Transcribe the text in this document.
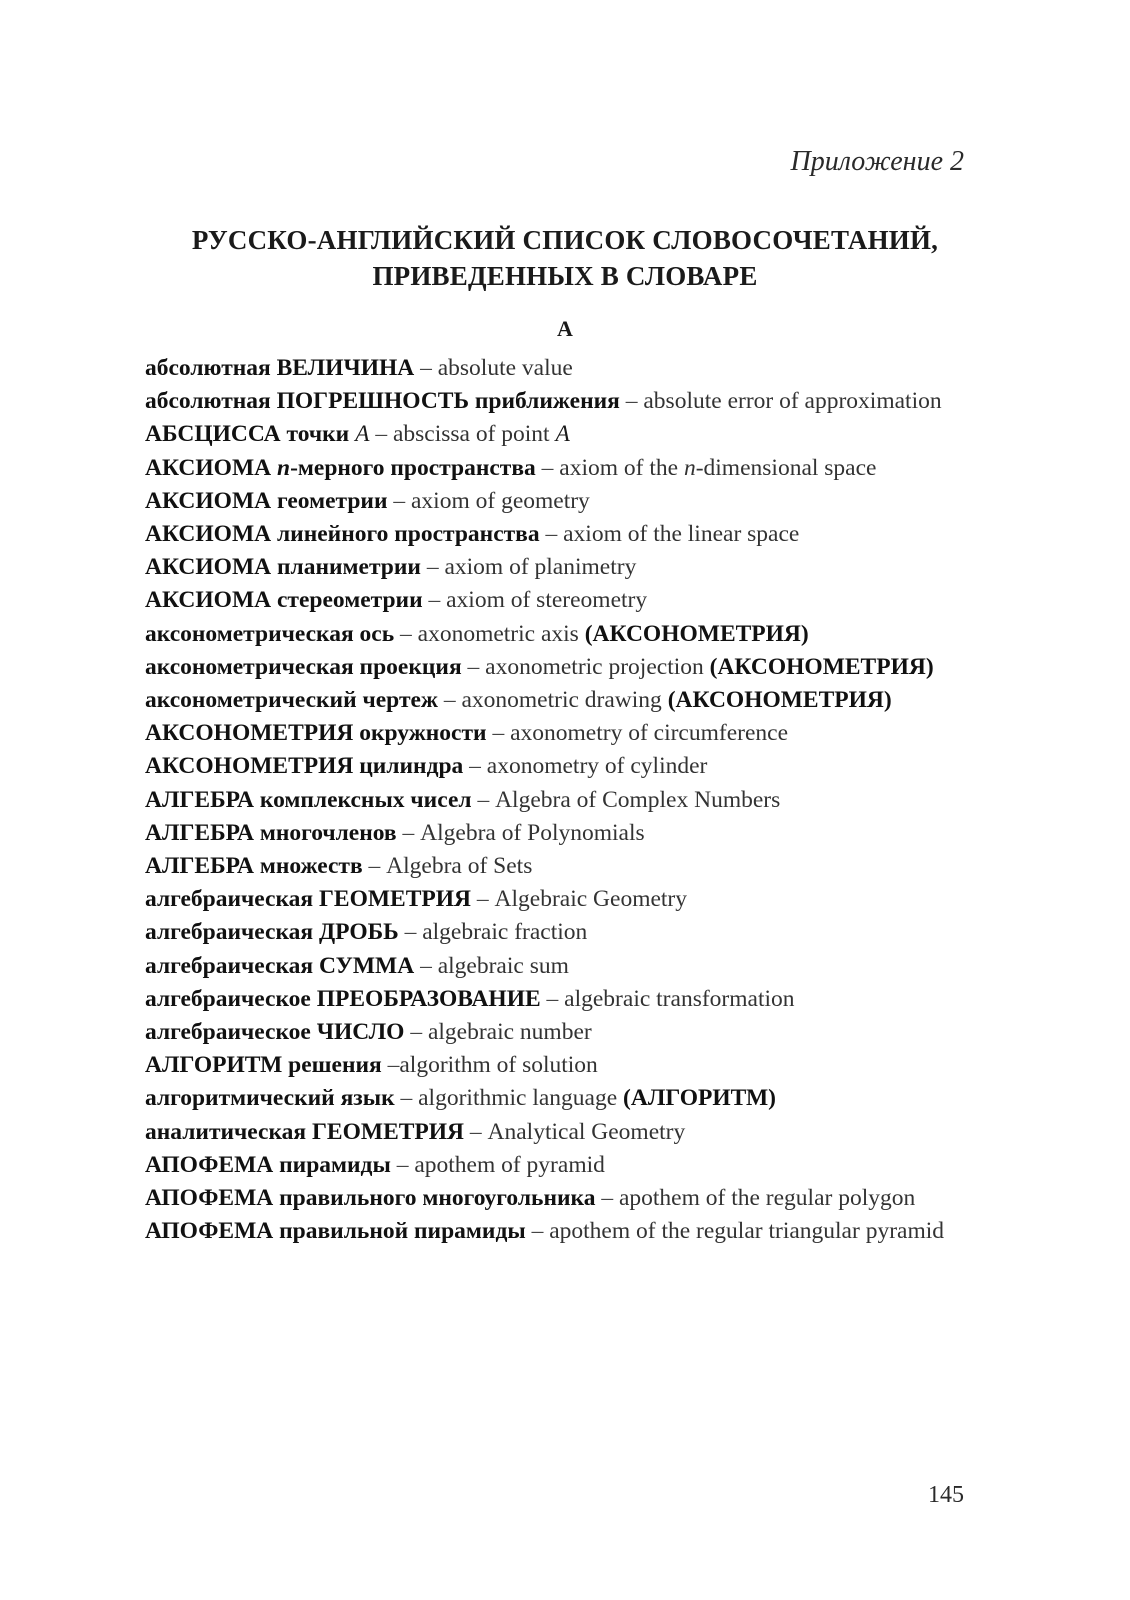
Приложение 2
РУССКО-АНГЛИЙСКИЙ СПИСОК СЛОВОСОЧЕТАНИЙ,
ПРИВЕДЕННЫХ В СЛОВАРЕ
А

абсолютная ВЕЛИЧИНА – absolute value

абсолютная ПОГРЕШНОСТЬ приближения – absolute error of approximation

АБСЦИССА точки A – abscissa of point A

АКСИОМА n-мерного пространства – axiom of the n-dimensional space

АКСИОМА геометрии – axiom of geometry

АКСИОМА линейного пространства – axiom of the linear space

АКСИОМА планиметрии – axiom of planimetry

АКСИОМА стереометрии – axiom of stereometry

аксонометрическая ось – axonometric axis (АКСОНОМЕТРИЯ)

аксонометрическая проекция – axonometric projection (АКСОНОМЕТРИЯ)

аксонометрический чертеж – axonometric drawing (АКСОНОМЕТРИЯ)

АКСОНОМЕТРИЯ окружности – axonometry of circumference

АКСОНОМЕТРИЯ цилиндра – axonometry of cylinder

АЛГЕБРА комплексных чисел – Algebra of Complex Numbers

АЛГЕБРА многочленов – Algebra of Polynomials

АЛГЕБРА множеств – Algebra of Sets

алгебраическая ГЕОМЕТРИЯ – Algebraic Geometry

алгебраическая ДРОБЬ – algebraic fraction

алгебраическая СУММА – algebraic sum

алгебраическое ПРЕОБРАЗОВАНИЕ – algebraic transformation

алгебраическое ЧИСЛО – algebraic number

АЛГОРИТМ решения –algorithm of solution

алгоритмический язык – algorithmic language (АЛГОРИТМ)

аналитическая ГЕОМЕТРИЯ – Analytical Geometry

АПОФЕМА пирамиды – apothem of pyramid

АПОФЕМА правильного многоугольника – apothem of the regular polygon

АПОФЕМА правильной пирамиды – apothem of the regular triangular pyramid

145
